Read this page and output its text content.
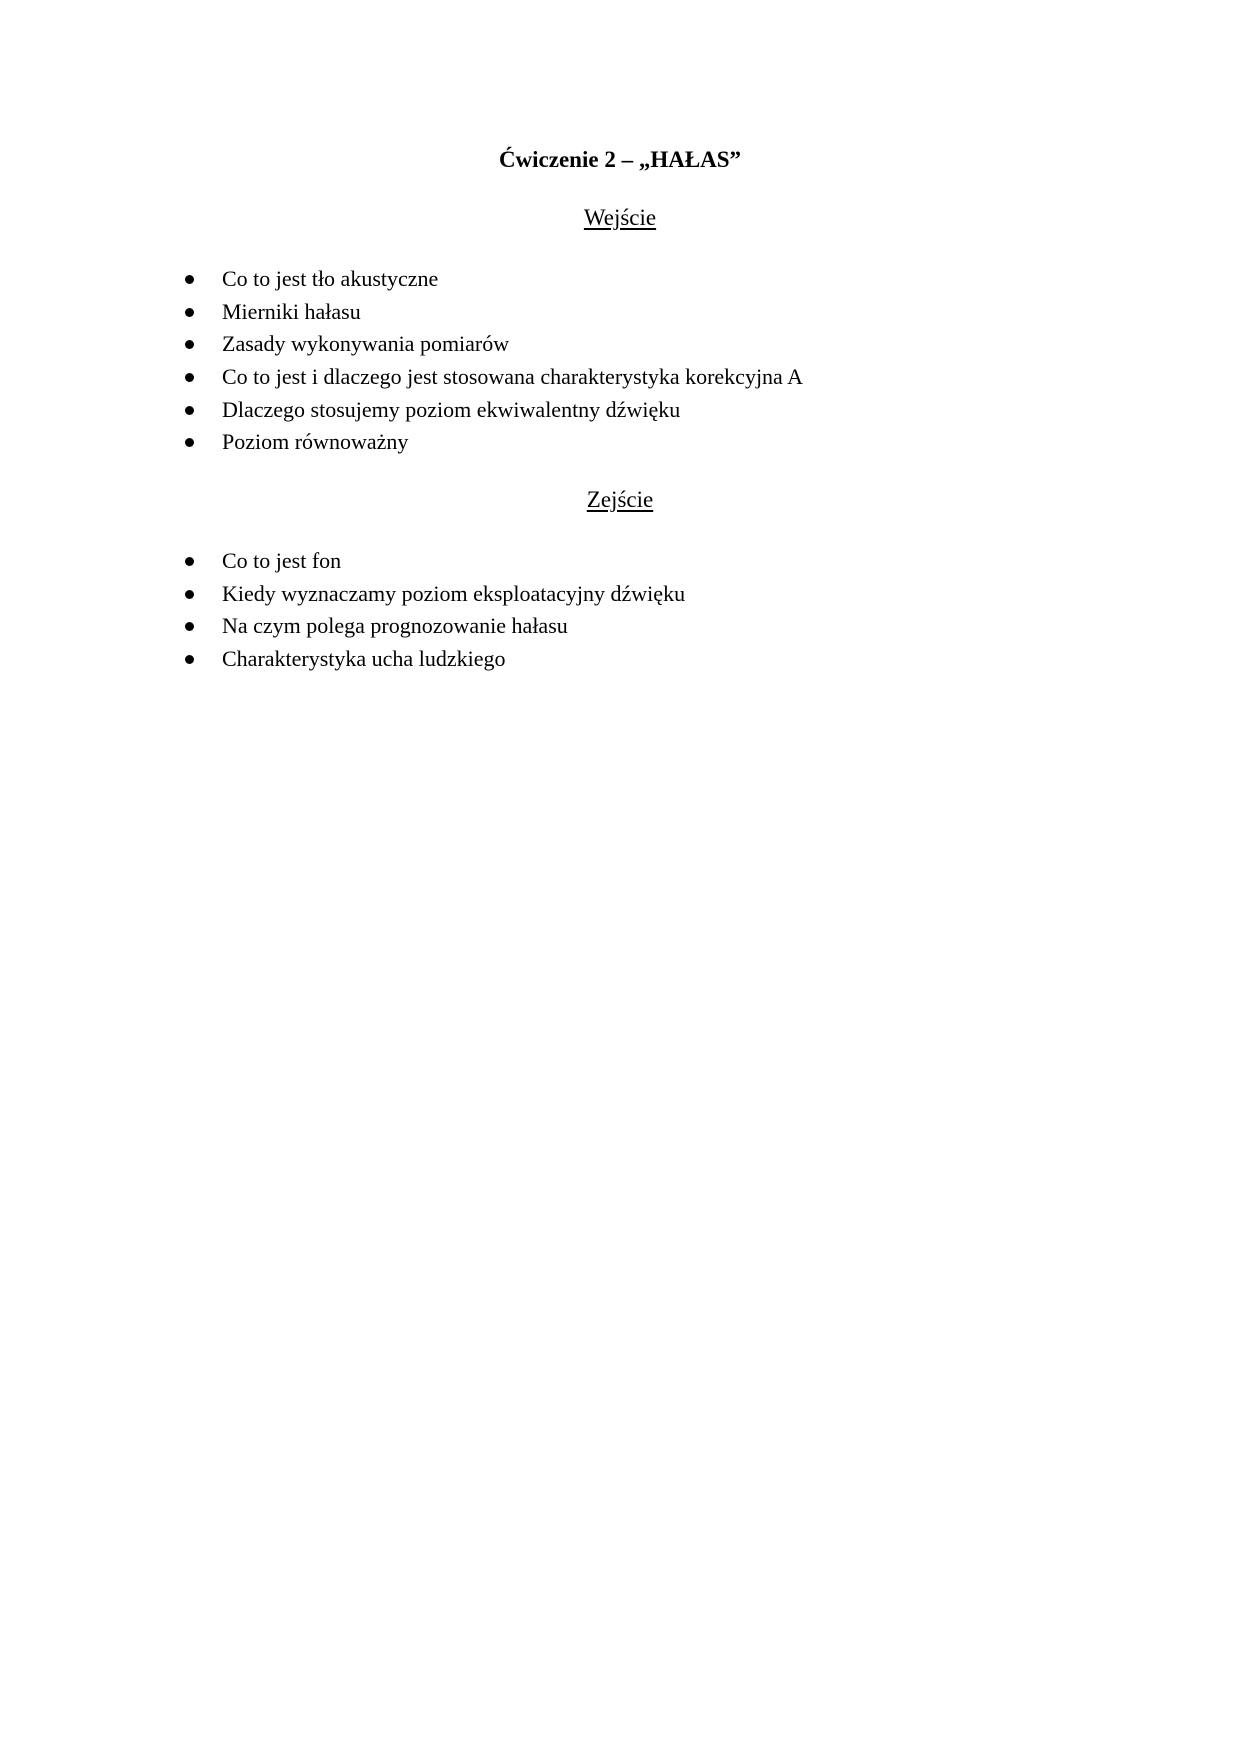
Ćwiczenie 2 – „HAŁAS”
Wejście
Co to jest tło akustyczne
Mierniki hałasu
Zasady wykonywania pomiarów
Co to jest i dlaczego jest stosowana charakterystyka korekcyjna A
Dlaczego stosujemy poziom ekwiwalentny dźwięku
Poziom równoważny
Zejście
Co to jest fon
Kiedy wyznaczamy poziom eksploatacyjny dźwięku
Na czym polega prognozowanie hałasu
Charakterystyka ucha ludzkiego
